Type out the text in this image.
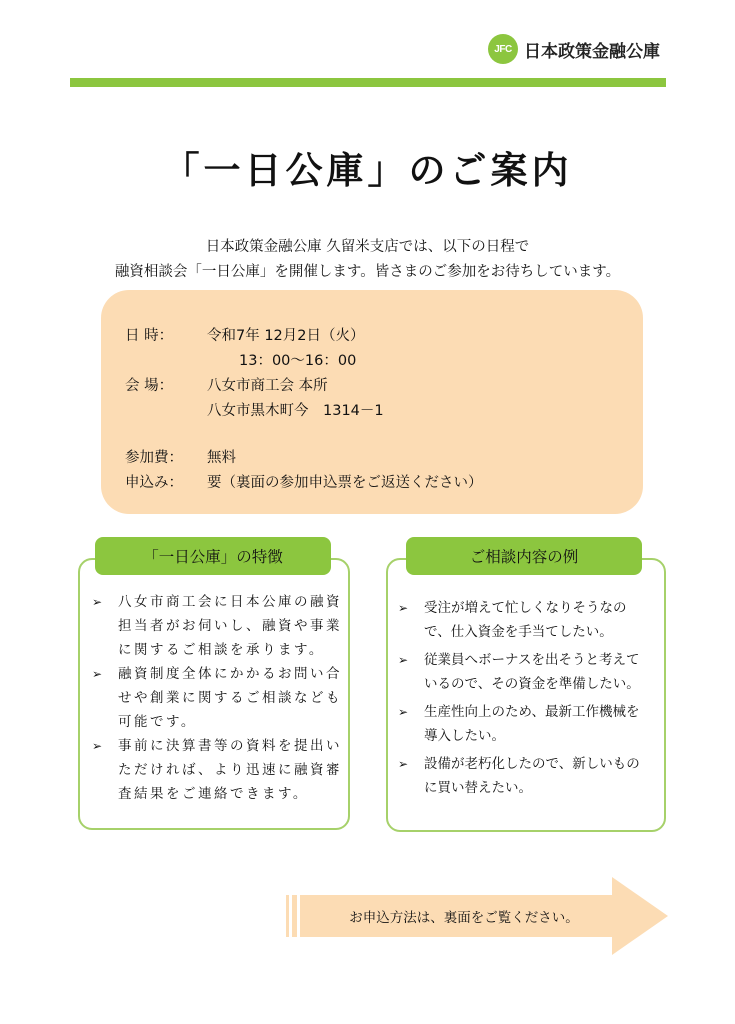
JFC 日本政策金融公庫
「一日公庫」のご案内
日本政策金融公庫 久留米支店では、以下の日程で
融資相談会「一日公庫」を開催します。皆さまのご参加をお待ちしています。
日 時： 令和7年 12月2日（火）
13：00～16：00
会 場： 八女市商工会 本所
八女市黒木町今　1314－1
参加費： 無料
申込み： 要（裏面の参加申込票をご返送ください）
「一日公庫」の特徴
➢ 八女市商工会に日本公庫の融資担当者がお伺いし、融資や事業に関するご相談を承ります。
➢ 融資制度全体にかかるお問い合せや創業に関するご相談なども可能です。
➢ 事前に決算書等の資料を提出いただければ、より迅速に融資審査結果をご連絡できます。
ご相談内容の例
➢ 受注が増えて忙しくなりそうなので、仕入資金を手当てしたい。
➢ 従業員へボーナスを出そうと考えているので、その資金を準備したい。
➢ 生産性向上のため、最新工作機械を導入したい。
➢ 設備が老朽化したので、新しいものに買い替えたい。
お申込方法は、裏面をご覧ください。
